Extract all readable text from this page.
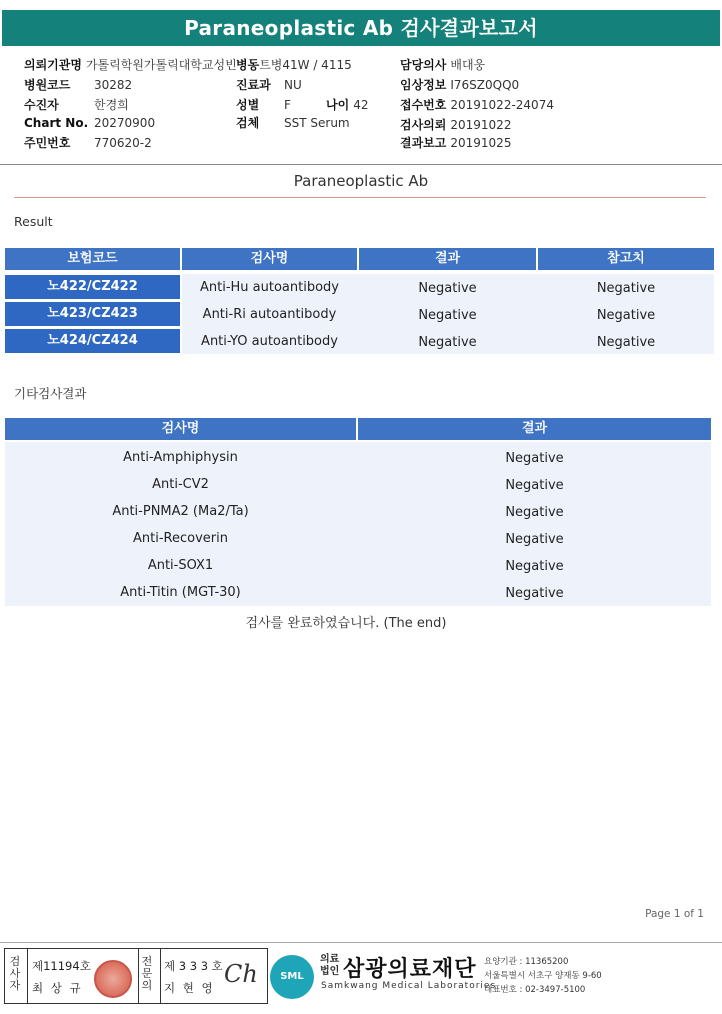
Paraneoplastic Ab 검사결과보고서
의뢰기관명 가톨릭학원가톨릭대학교성빈 병동트병41W / 4115	담당의사 배대웅
병원코드 30282	진료과 NU	임상정보 I76SZ0QQ0
수진자	한경희	성별 F	나이 42	접수번호 20191022-24074
Chart No. 20270900	검체 SST Serum	검사의뢰 20191022
주민번호 770620-2	결과보고 20191025
Paraneoplastic Ab
Result
보험코드	검사명	결과	참고치
노422/CZ422	Anti-Hu autoantibody	Negative	Negative
노423/CZ423	Anti-Ri autoantibody	Negative	Negative
노424/CZ424	Anti-YO autoantibody	Negative	Negative
기타검사결과
검사명	결과
Anti-Amphiphysin	Negative
Anti-CV2	Negative
Anti-PNMA2 (Ma2/Ta)	Negative
Anti-Recoverin	Negative
Anti-SOX1	Negative
Anti-Titin (MGT-30)	Negative
검사를 완료하였습니다. (The end)
Page 1 of 1
검사자
제11194호
최 상 규
전문의
제 3 3 3 호
지 현 영 Ch	SML
의료법인 삼광의료재단
Samkwang Medical Laboratories
요양기관 : 11365200
서울특별시 서초구 양재동 9-60
대표번호 : 02-3497-5100
